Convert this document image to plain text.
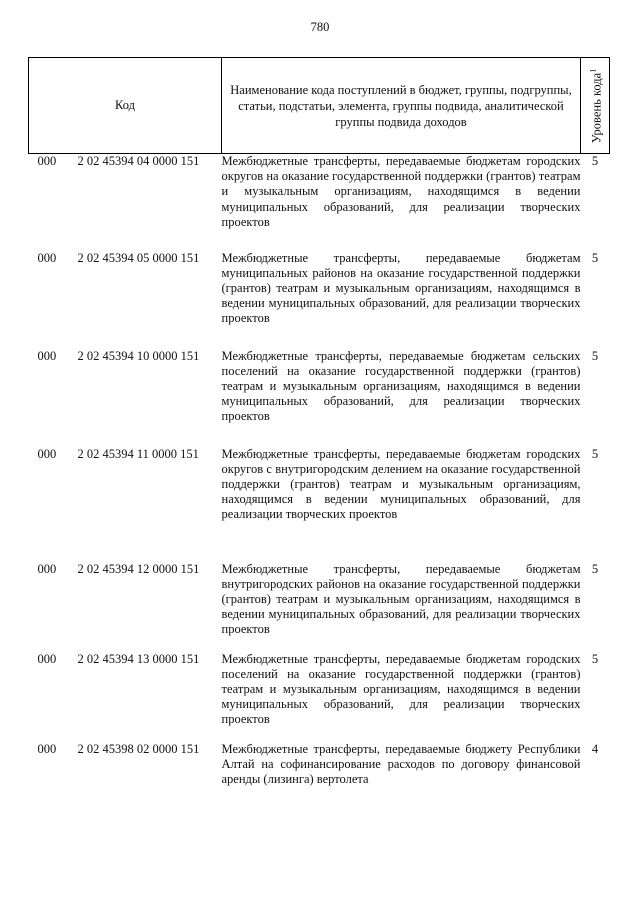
780
Код	Наименование кода поступлений в бюджет, группы, подгруппы, статьи, подстатьи, элемента, группы подвида, аналитической группы подвида доходов	Уровень кода$^1$

000 2 02 45394 04 0000 151	Межбюджетные трансферты, передаваемые бюджетам городских округов на оказание государственной поддержки (грантов) театрам и музыкальным организациям, находящимся в ведении муниципальных образований, для реализации творческих проектов	5
000 2 02 45394 05 0000 151	Межбюджетные трансферты, передаваемые бюджетам муниципальных районов на оказание государственной поддержки (грантов) театрам и музыкальным организациям, находящимся в ведении муниципальных образований, для реализации творческих проектов	5
000 2 02 45394 10 0000 151	Межбюджетные трансферты, передаваемые бюджетам сельских поселений на оказание государственной поддержки (грантов) театрам и музыкальным организациям, находящимся в ведении муниципальных образований, для реализации творческих проектов	5
000 2 02 45394 11 0000 151	Межбюджетные трансферты, передаваемые бюджетам городских округов с внутригородским делением на оказание государственной поддержки (грантов) театрам и музыкальным организациям, находящимся в ведении муниципальных образований, для реализации творческих проектов	5
000 2 02 45394 12 0000 151	Межбюджетные трансферты, передаваемые бюджетам внутригородских районов на оказание государственной поддержки (грантов) театрам и музыкальным организациям, находящимся в ведении муниципальных образований, для реализации творческих проектов	5
000 2 02 45394 13 0000 151	Межбюджетные трансферты, передаваемые бюджетам городских поселений на оказание государственной поддержки (грантов) театрам и музыкальным организациям, находящимся в ведении муниципальных образований, для реализации творческих проектов	5
000 2 02 45398 02 0000 151	Межбюджетные трансферты, передаваемые бюджету Республики Алтай на софинансирование расходов по договору финансовой аренды (лизинга) вертолета	4
